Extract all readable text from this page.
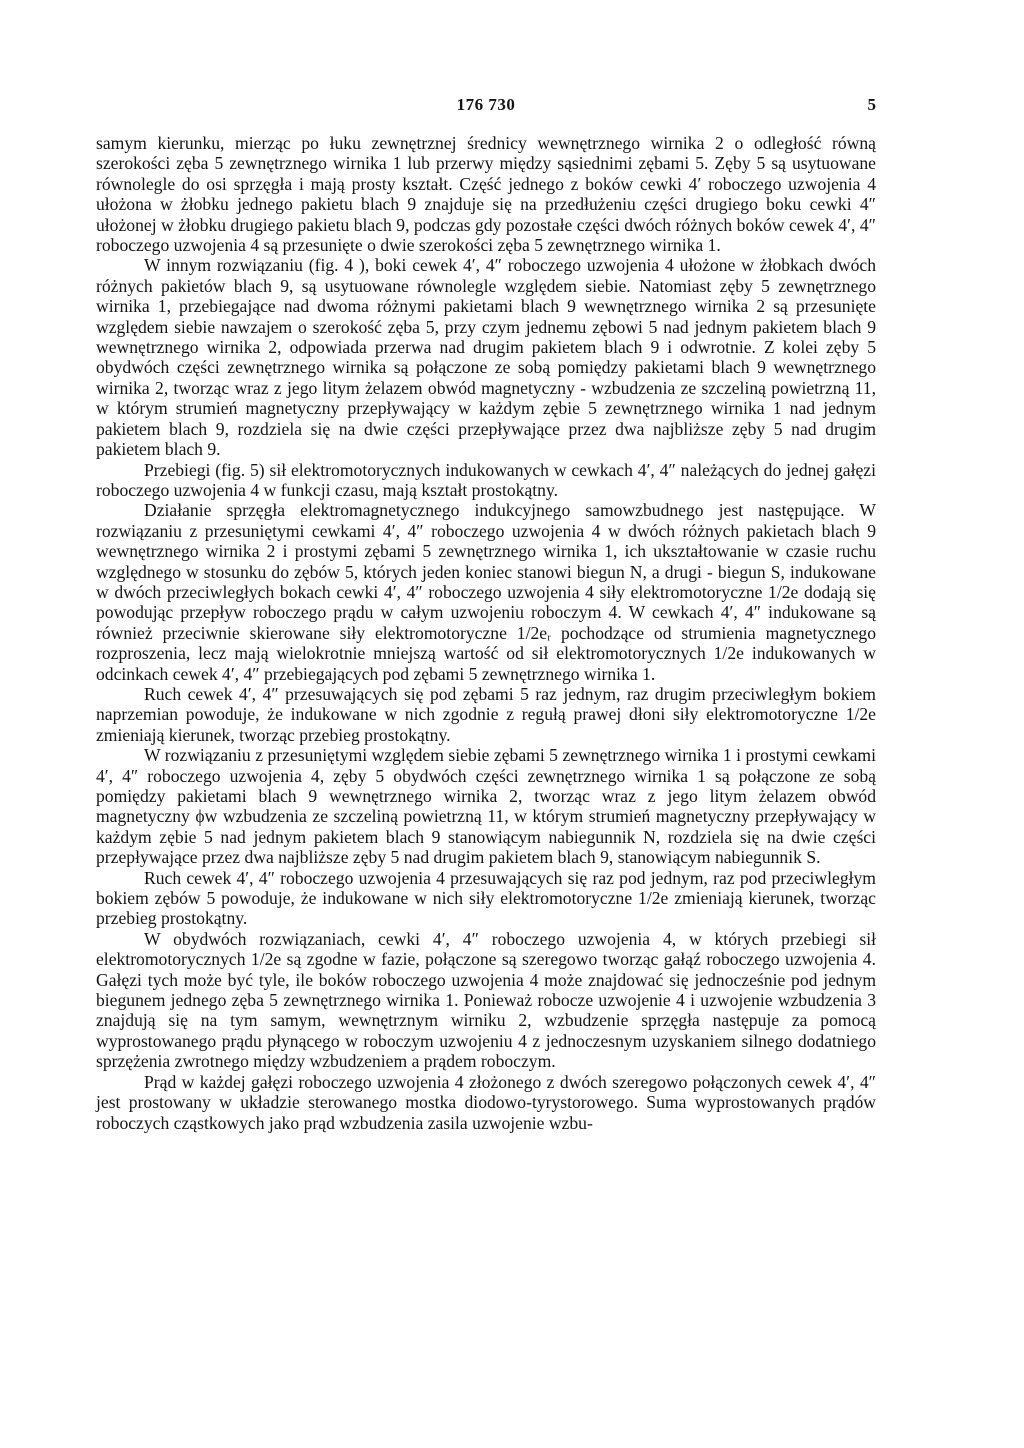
176 730	5

samym kierunku, mierząc po łuku zewnętrznej średnicy wewnętrznego wirnika 2 o odległość równą szerokości zęba 5 zewnętrznego wirnika 1 lub przerwy między sąsiednimi zębami 5. Zęby 5 są usytuowane równolegle do osi sprzęgła i mają prosty kształt. Część jednego z boków cewki 4′ roboczego uzwojenia 4 ułożona w żłobku jednego pakietu blach 9 znajduje się na przedłużeniu części drugiego boku cewki 4″ ułożonej w żłobku drugiego pakietu blach 9, podczas gdy pozostałe części dwóch różnych boków cewek 4′, 4″ roboczego uzwojenia 4 są przesunięte o dwie szerokości zęba 5 zewnętrznego wirnika 1.

W innym rozwiązaniu (fig. 4 ), boki cewek 4′, 4″ roboczego uzwojenia 4 ułożone w żłobkach dwóch różnych pakietów blach 9, są usytuowane równolegle względem siebie. Natomiast zęby 5 zewnętrznego wirnika 1, przebiegające nad dwoma różnymi pakietami blach 9 wewnętrznego wirnika 2 są przesunięte względem siebie nawzajem o szerokość zęba 5, przy czym jednemu zębowi 5 nad jednym pakietem blach 9 wewnętrznego wirnika 2, odpowiada przerwa nad drugim pakietem blach 9 i odwrotnie. Z kolei zęby 5 obydwóch części zewnętrznego wirnika są połączone ze sobą pomiędzy pakietami blach 9 wewnętrznego wirnika 2, tworząc wraz z jego litym żelazem obwód magnetyczny - wzbudzenia ze szczeliną powietrzną 11, w którym strumień magnetyczny przepływający w każdym zębie 5 zewnętrznego wirnika 1 nad jednym pakietem blach 9, rozdziela się na dwie części przepływające przez dwa najbliższe zęby 5 nad drugim pakietem blach 9.

Przebiegi (fig. 5) sił elektromotorycznych indukowanych w cewkach 4′, 4″ należących do jednej gałęzi roboczego uzwojenia 4 w funkcji czasu, mają kształt prostokątny.

Działanie sprzęgła elektromagnetycznego indukcyjnego samowzbudnego jest następujące. W rozwiązaniu z przesuniętymi cewkami 4′, 4″ roboczego uzwojenia 4 w dwóch różnych pakietach blach 9 wewnętrznego wirnika 2 i prostymi zębami 5 zewnętrznego wirnika 1, ich ukształtowanie w czasie ruchu względnego w stosunku do zębów 5, których jeden koniec stanowi biegun N, a drugi - biegun S, indukowane w dwóch przeciwległych bokach cewki 4′, 4″ roboczego uzwojenia 4 siły elektromotoryczne 1/2e dodają się powodując przepływ roboczego prądu w całym uzwojeniu roboczym 4. W cewkach 4′, 4″ indukowane są również przeciwnie skierowane siły elektromotoryczne 1/2eᵣ pochodzące od strumienia magnetycznego rozproszenia, lecz mają wielokrotnie mniejszą wartość od sił elektromotorycznych 1/2e indukowanych w odcinkach cewek 4′, 4″ przebiegających pod zębami 5 zewnętrznego wirnika 1.

Ruch cewek 4′, 4″ przesuwających się pod zębami 5 raz jednym, raz drugim przeciwległym bokiem naprzemian powoduje, że indukowane w nich zgodnie z regułą prawej dłoni siły elektromotoryczne 1/2e zmieniają kierunek, tworząc przebieg prostokątny.

W rozwiązaniu z przesuniętymi względem siebie zębami 5 zewnętrznego wirnika 1 i prostymi cewkami 4′, 4″ roboczego uzwojenia 4, zęby 5 obydwóch części zewnętrznego wirnika 1 są połączone ze sobą pomiędzy pakietami blach 9 wewnętrznego wirnika 2, tworząc wraz z jego litym żelazem obwód magnetyczny ϕw wzbudzenia ze szczeliną powietrzną 11, w którym strumień magnetyczny przepływający w każdym zębie 5 nad jednym pakietem blach 9 stanowiącym nabiegunnik N, rozdziela się na dwie części przepływające przez dwa najbliższe zęby 5 nad drugim pakietem blach 9, stanowiącym nabiegunnik S.

Ruch cewek 4′, 4″ roboczego uzwojenia 4 przesuwających się raz pod jednym, raz pod przeciwległym bokiem zębów 5 powoduje, że indukowane w nich siły elektromotoryczne 1/2e zmieniają kierunek, tworząc przebieg prostokątny.

W obydwóch rozwiązaniach, cewki 4′, 4″ roboczego uzwojenia 4, w których przebiegi sił elektromotorycznych 1/2e są zgodne w fazie, połączone są szeregowo tworząc gałąź roboczego uzwojenia 4. Gałęzi tych może być tyle, ile boków roboczego uzwojenia 4 może znajdować się jednocześnie pod jednym biegunem jednego zęba 5 zewnętrznego wirnika 1. Ponieważ robocze uzwojenie 4 i uzwojenie wzbudzenia 3 znajdują się na tym samym, wewnętrznym wirniku 2, wzbudzenie sprzęgła następuje za pomocą wyprostowanego prądu płynącego w roboczym uzwojeniu 4 z jednoczesnym uzyskaniem silnego dodatniego sprzężenia zwrotnego między wzbudzeniem a prądem roboczym.

Prąd w każdej gałęzi roboczego uzwojenia 4 złożonego z dwóch szeregowo połączonych cewek 4′, 4″ jest prostowany w układzie sterowanego mostka diodowo-tyrystorowego. Suma wyprostowanych prądów roboczych cząstkowych jako prąd wzbudzenia zasila uzwojenie wzbu-
